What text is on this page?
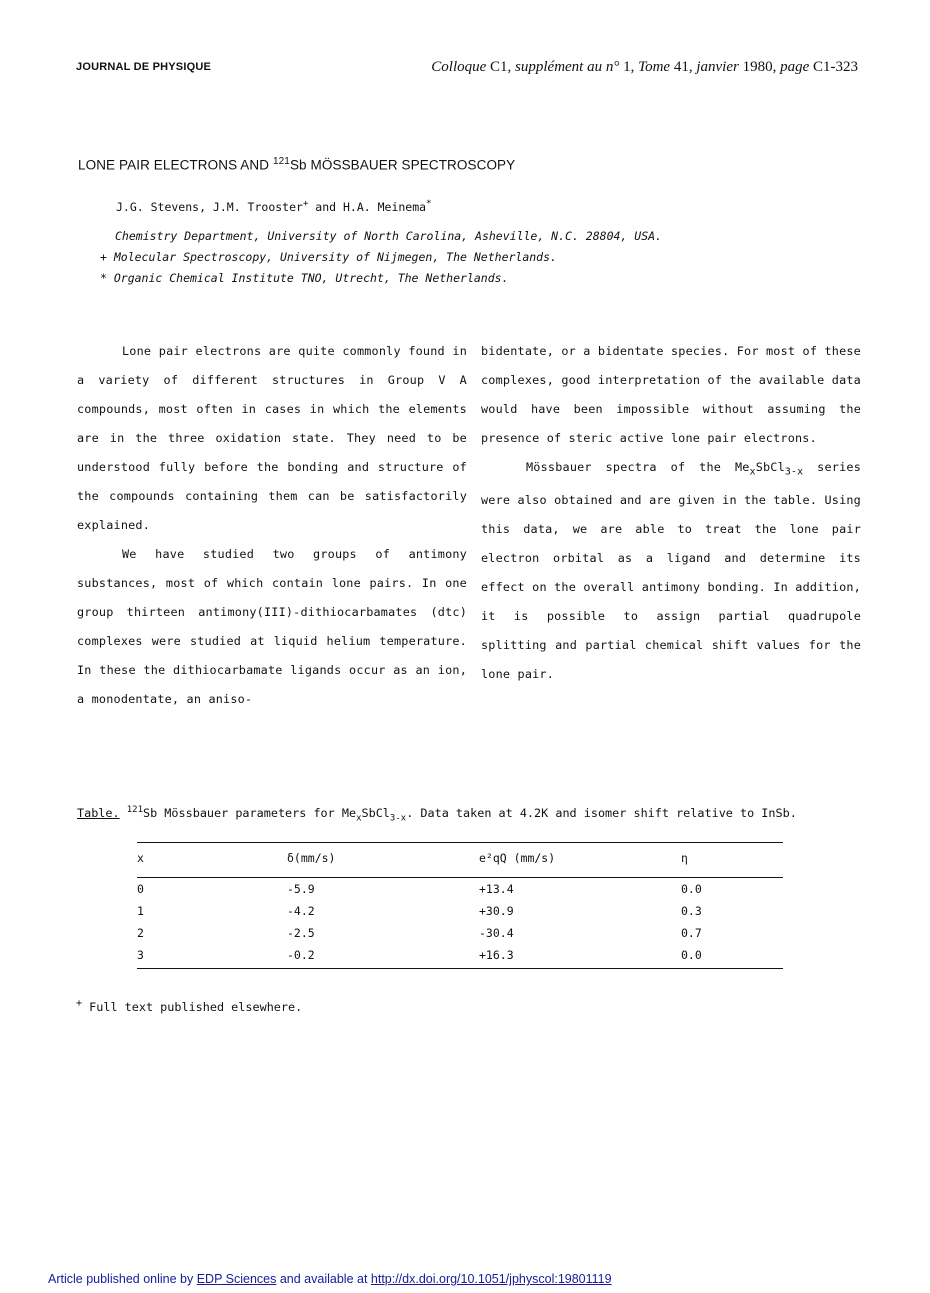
JOURNAL DE PHYSIQUE	Colloque C1, supplément au n° 1, Tome 41, janvier 1980, page C1-323
LONE PAIR ELECTRONS AND $^{121}$Sb MÖSSBAUER SPECTROSCOPY
J.G. Stevens, J.M. Trooster+ and H.A. Meinema*
Chemistry Department, University of North Carolina, Asheville, N.C. 28804, USA.
+ Molecular Spectroscopy, University of Nijmegen, The Netherlands.
* Organic Chemical Institute TNO, Utrecht, The Netherlands.

Lone pair electrons are quite commonly found in a variety of different structures in Group V A compounds, most often in cases in which the elements are in the three oxidation state. They need to be understood fully before the bonding and structure of the compounds containing them can be satisfactorily explained.

We have studied two groups of antimony substances, most of which contain lone pairs. In one group thirteen antimony(III)-dithiocarbamates (dtc) complexes were studied at liquid helium temperature. In these the dithiocarbamate ligands occur as an ion, a monodentate, an aniso-

bidentate, or a bidentate species. For most of these complexes, good interpretation of the available data would have been impossible without assuming the presence of steric active lone pair electrons.

Mössbauer spectra of the $Me_xSbCl_{3-x}$ series were also obtained and are given in the table. Using this data, we are able to treat the lone pair electron orbital as a ligand and determine its effect on the overall antimony bonding. In addition, it is possible to assign partial quadrupole splitting and partial chemical shift values for the lone pair.

Table. $^{121}$Sb Mössbauer parameters for $Me_xSbCl_{3-x}$. Data taken at 4.2K and isomer shift relative to InSb.
x	δ(mm/s)	e²qQ (mm/s)	η
0	-5.9	+13.4	0.0
1	-4.2	+30.9	0.3
2	-2.5	-30.4	0.7
3	-0.2	+16.3	0.0
+ Full text published elsewhere.
Article published online by EDP Sciences and available at http://dx.doi.org/10.1051/jphyscol:19801119
